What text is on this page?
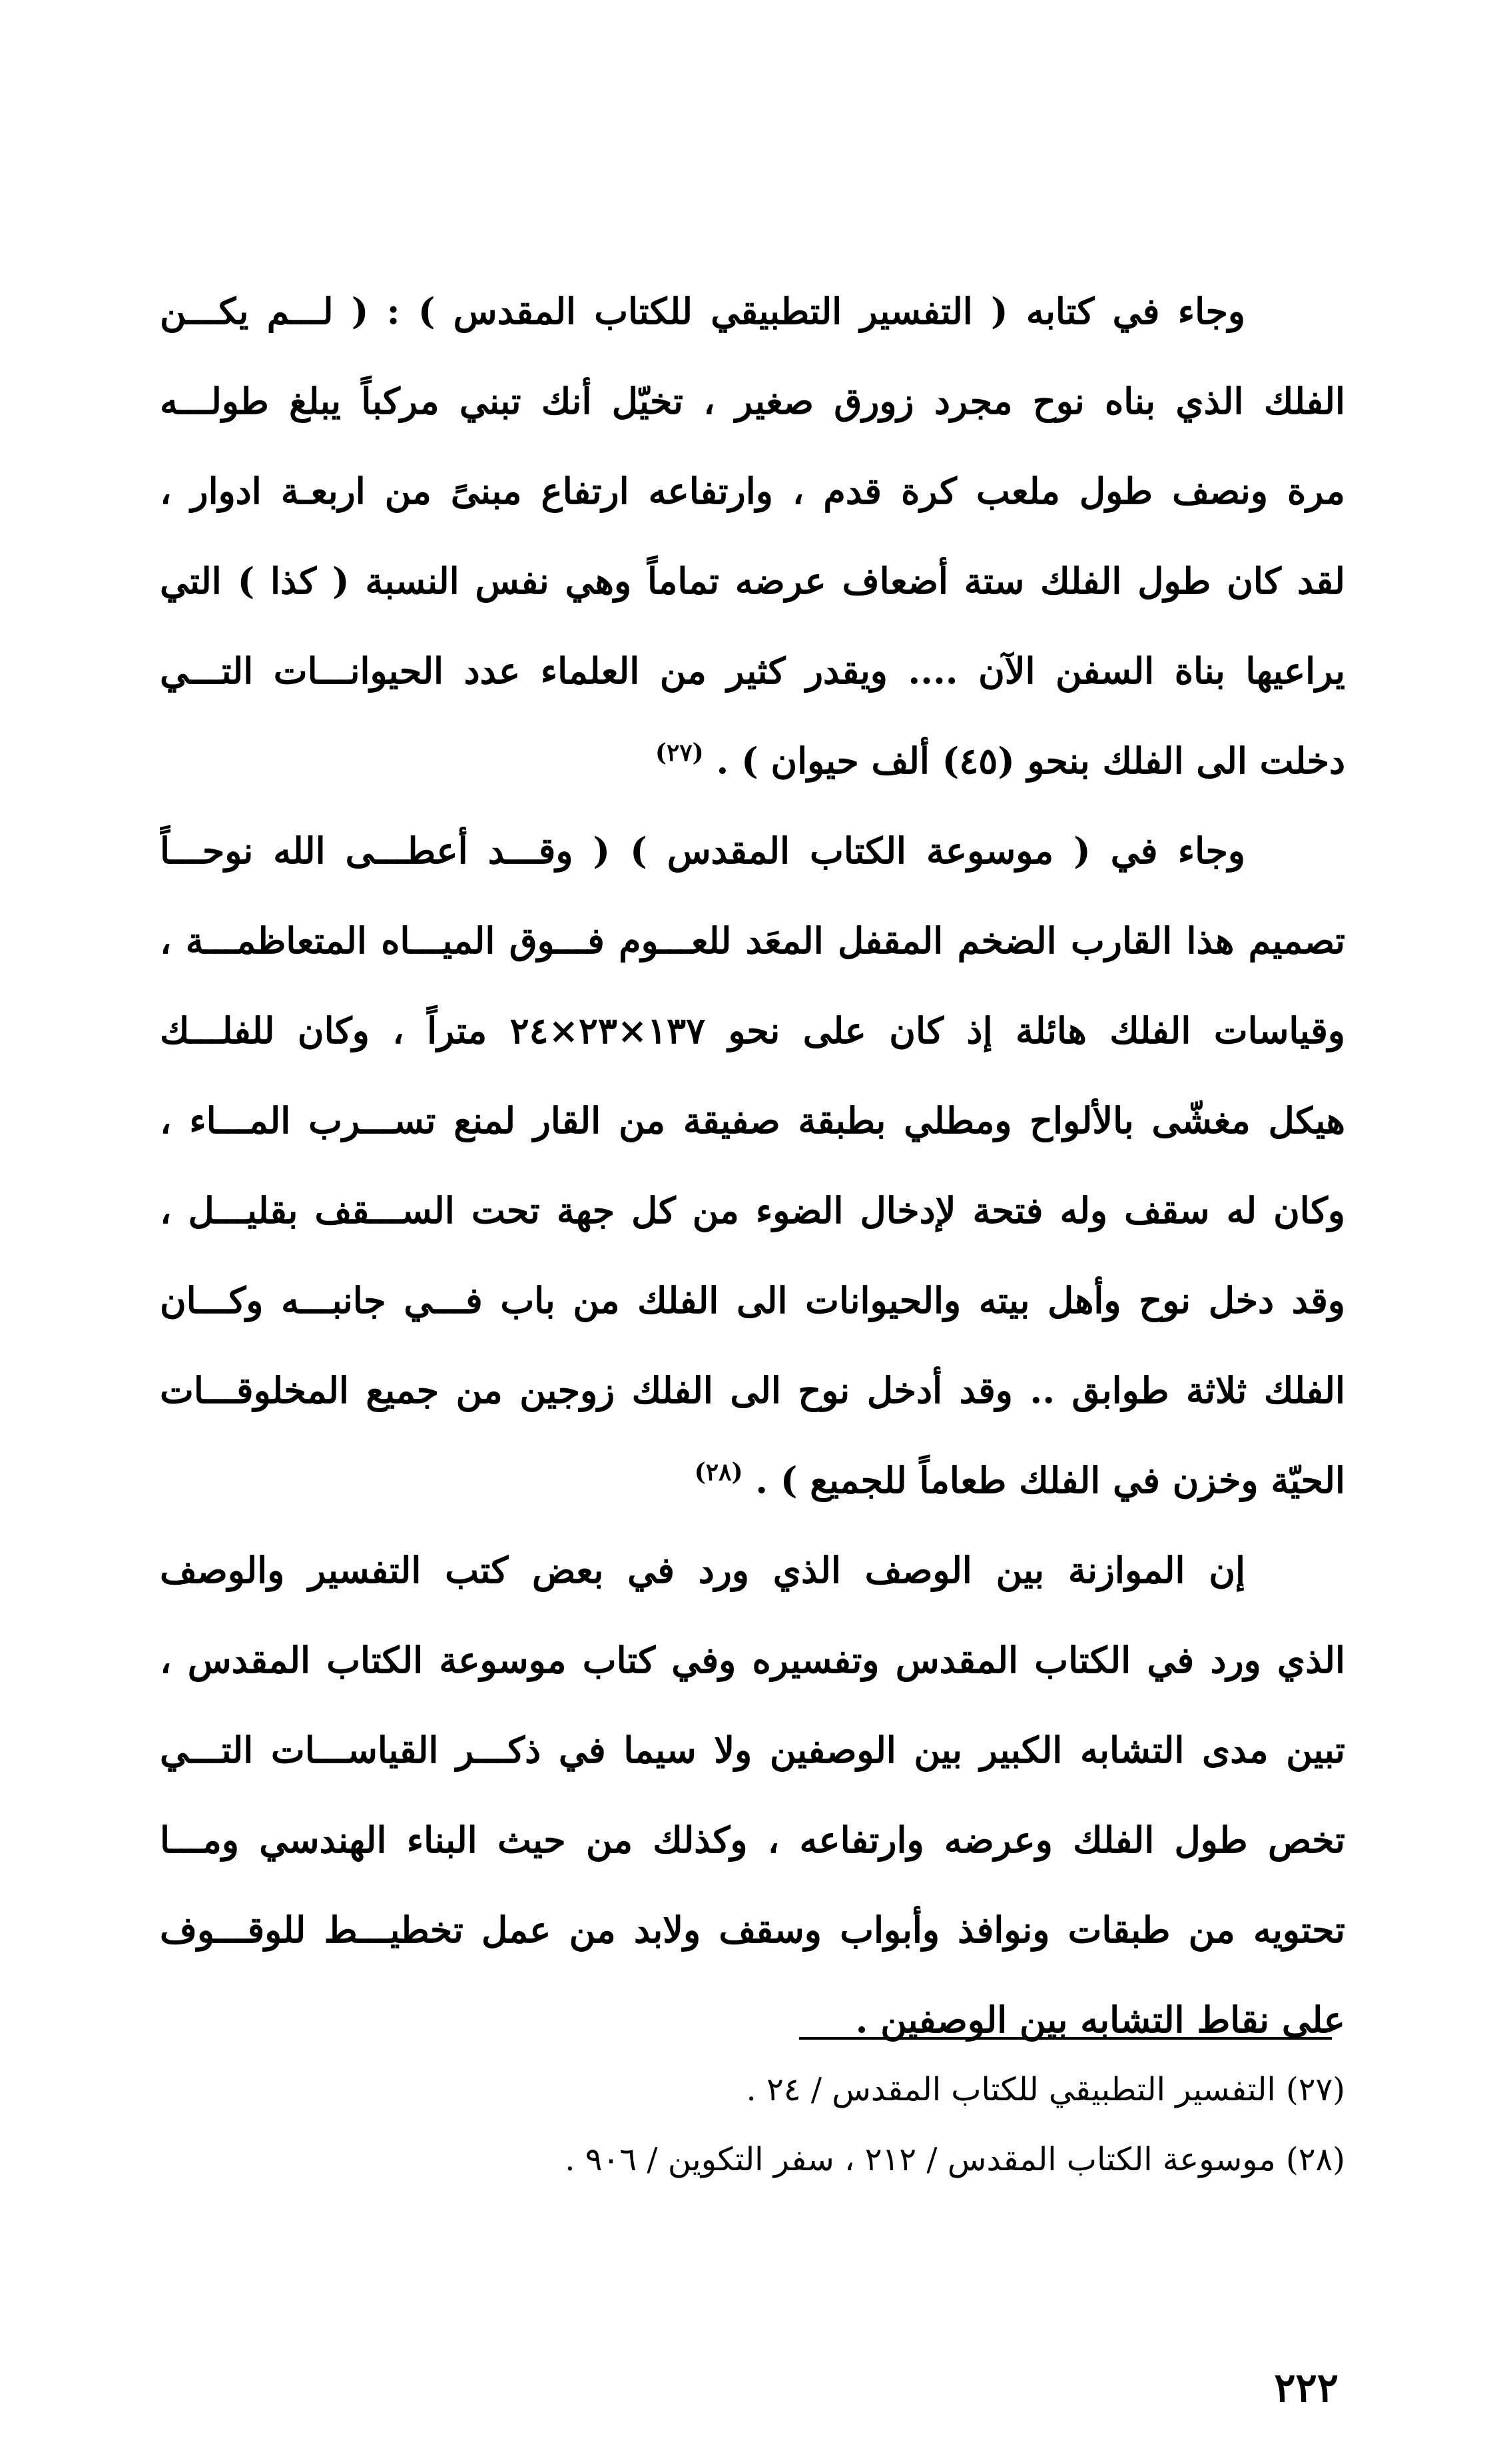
وجاء في كتابه ( التفسير التطبيقي للكتاب المقدس ) : ( لـــم يكـــن
الفلك الذي بناه نوح مجرد زورق صغير ، تخيّل أنك تبني مركباً يبلغ طولـــه
مرة ونصف طول ملعب كرة قدم ، وارتفاعه ارتفاع مبنىً من اربعـة ادوار ،
لقد كان طول الفلك ستة أضعاف عرضه تماماً وهي نفس النسبة ( كذا ) التي
يراعيها بناة السفن الآن .... ويقدر كثير من العلماء عدد الحيوانـــات التـــي
دخلت الى الفلك بنحو (٤٥) ألف حيوان ) . $^{(٢٧)}$
وجاء في ( موسوعة الكتاب المقدس ) ( وقـــد أعطـــى الله نوحـــاً
تصميم هذا القارب الضخم المقفل المعَد للعـــوم فـــوق الميـــاه المتعاظمـــة ،
وقياسات الفلك هائلة إذ كان على نحو ١٣٧×٢٣×٢٤ متراً ، وكان للفلـــك
هيكل مغشّى بالألواح ومطلي بطبقة صفيقة من القار لمنع تســـرب المـــاء ،
وكان له سقف وله فتحة لإدخال الضوء من كل جهة تحت الســـقف بقليـــل ،
وقد دخل نوح وأهل بيته والحيوانات الى الفلك من باب فـــي جانبـــه وكـــان
الفلك ثلاثة طوابق .. وقد أدخل نوح الى الفلك زوجين من جميع المخلوقـــات
الحيّة وخزن في الفلك طعاماً للجميع ) . $^{(٢٨)}$
إن الموازنة بين الوصف الذي ورد في بعض كتب التفسير والوصف
الذي ورد في الكتاب المقدس وتفسيره وفي كتاب موسوعة الكتاب المقدس ،
تبين مدى التشابه الكبير بين الوصفين ولا سيما في ذكـــر القياســـات التـــي
تخص طول الفلك وعرضه وارتفاعه ، وكذلك من حيث البناء الهندسي ومـــا
تحتويه من طبقات ونوافذ وأبواب وسقف ولابد من عمل تخطيـــط للوقـــوف
على نقاط التشابه بين الوصفين .
(٢٧) التفسير التطبيقي للكتاب المقدس / ٢٤ .
(٢٨) موسوعة الكتاب المقدس / ٢١٢ ، سفر التكوين / ٩٠٦ .
٢٢٢
